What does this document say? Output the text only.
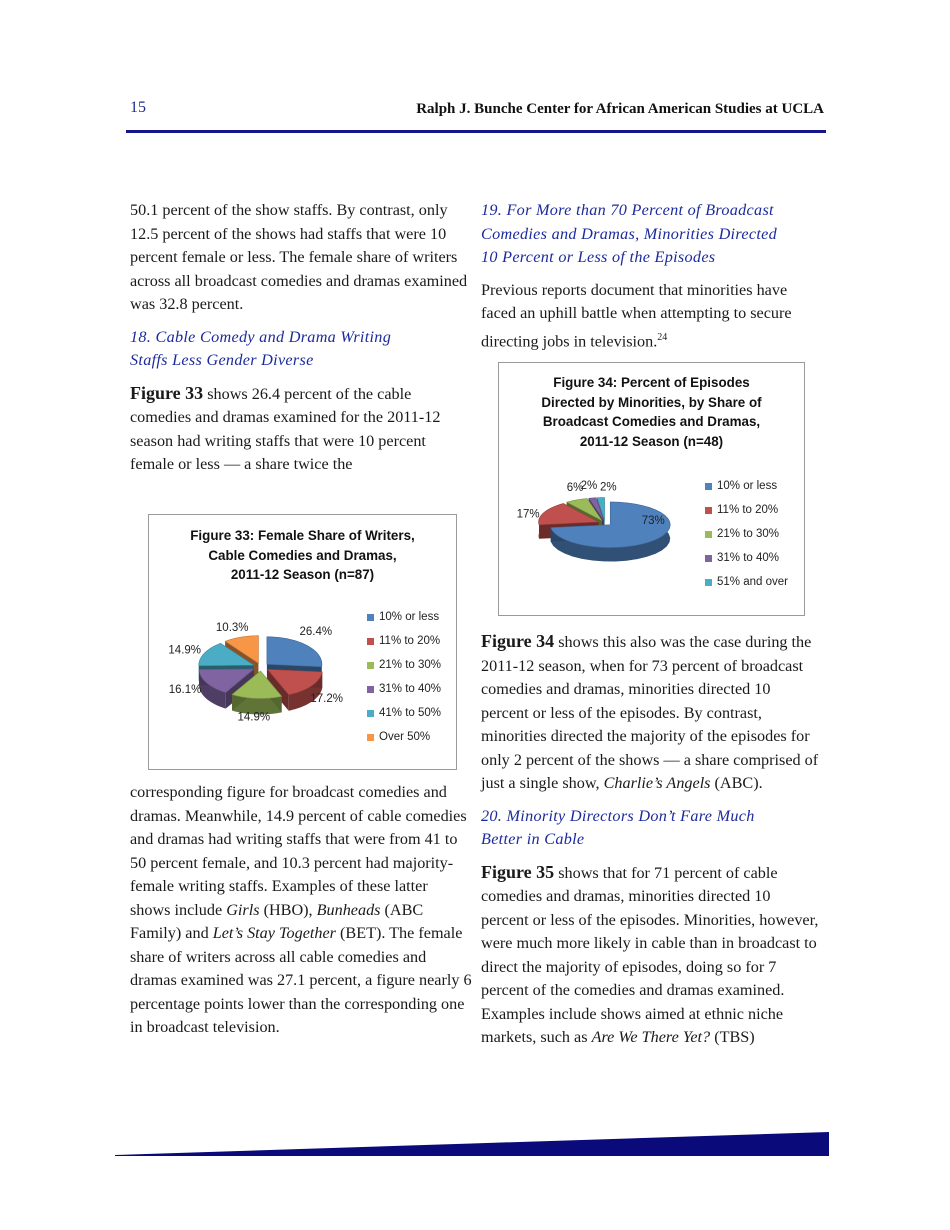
15	Ralph J. Bunche Center for African American Studies at UCLA

50.1 percent of the show staffs. By contrast, only 12.5 percent of the shows had staffs that were 10 percent female or less. The female share of writers across all broadcast comedies and dramas examined was 32.8 percent.

18. Cable Comedy and Drama Writing
Staffs Less Gender Diverse

Figure 33 shows 26.4 percent of the cable comedies and dramas examined for the 2011-12 season had writing staffs that were 10 percent female or less — a share twice the

Figure 33: Female Share of Writers,
Cable Comedies and Dramas,
2011-12 Season (n=87)
26.4%
17.2%
14.9%
16.1%
14.9%
10.3%
10% or less
11% to 20%
21% to 30%
31% to 40%
41% to 50%
Over 50%

corresponding figure for broadcast comedies and dramas. Meanwhile, 14.9 percent of cable comedies and dramas had writing staffs that were from 41 to 50 percent female, and 10.3 percent had majority-female writing staffs. Examples of these latter shows include Girls (HBO), Bunheads (ABC Family) and Let’s Stay Together (BET). The female share of writers across all cable comedies and dramas examined was 27.1 percent, a figure nearly 6 percentage points lower than the corresponding one in broadcast television.

19. For More than 70 Percent of Broadcast
Comedies and Dramas, Minorities Directed
10 Percent or Less of the Episodes

Previous reports document that minorities have faced an uphill battle when attempting to secure directing jobs in television.$^{24}$

Figure 34: Percent of Episodes
Directed by Minorities, by Share of
Broadcast Comedies and Dramas,
2011-12 Season (n=48)
73%
17%
6%
2% 2%	10% or less
11% to 20%
21% to 30%
31% to 40%
51% and over

Figure 34 shows this also was the case during the 2011-12 season, when for 73 percent of broadcast comedies and dramas, minorities directed 10 percent or less of the episodes. By contrast, minorities directed the majority of the episodes for only 2 percent of the shows — a share comprised of just a single show, Charlie’s Angels (ABC).

20. Minority Directors Don’t Fare Much
Better in Cable

Figure 35 shows that for 71 percent of cable comedies and dramas, minorities directed 10 percent or less of the episodes. Minorities, however, were much more likely in cable than in broadcast to direct the majority of episodes, doing so for 7 percent of the comedies and dramas examined. Examples include shows aimed at ethnic niche markets, such as Are We There Yet? (TBS)
